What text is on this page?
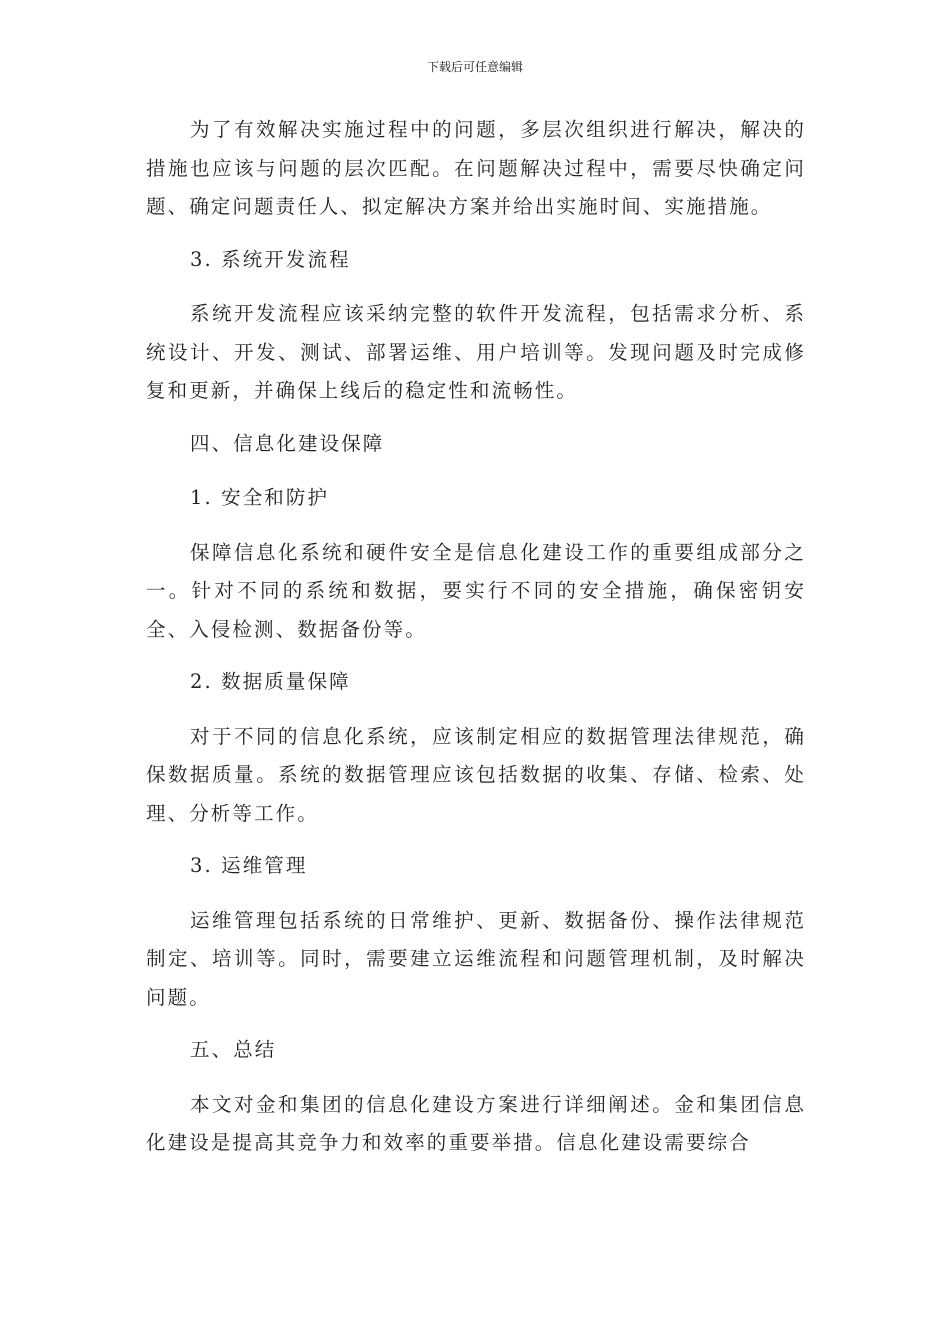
下载后可任意编辑

为了有效解决实施过程中的问题，多层次组织进行解决，解决的措施也应该与问题的层次匹配。在问题解决过程中，需要尽快确定问题、确定问题责任人、拟定解决方案并给出实施时间、实施措施。

3. 系统开发流程

系统开发流程应该采纳完整的软件开发流程，包括需求分析、系统设计、开发、测试、部署运维、用户培训等。发现问题及时完成修复和更新，并确保上线后的稳定性和流畅性。

四、信息化建设保障

1. 安全和防护

保障信息化系统和硬件安全是信息化建设工作的重要组成部分之一。针对不同的系统和数据，要实行不同的安全措施，确保密钥安全、入侵检测、数据备份等。

2. 数据质量保障

对于不同的信息化系统，应该制定相应的数据管理法律规范，确保数据质量。系统的数据管理应该包括数据的收集、存储、检索、处理、分析等工作。

3. 运维管理

运维管理包括系统的日常维护、更新、数据备份、操作法律规范制定、培训等。同时，需要建立运维流程和问题管理机制，及时解决问题。

五、总结

本文对金和集团的信息化建设方案进行详细阐述。金和集团信息化建设是提高其竞争力和效率的重要举措。信息化建设需要综合
